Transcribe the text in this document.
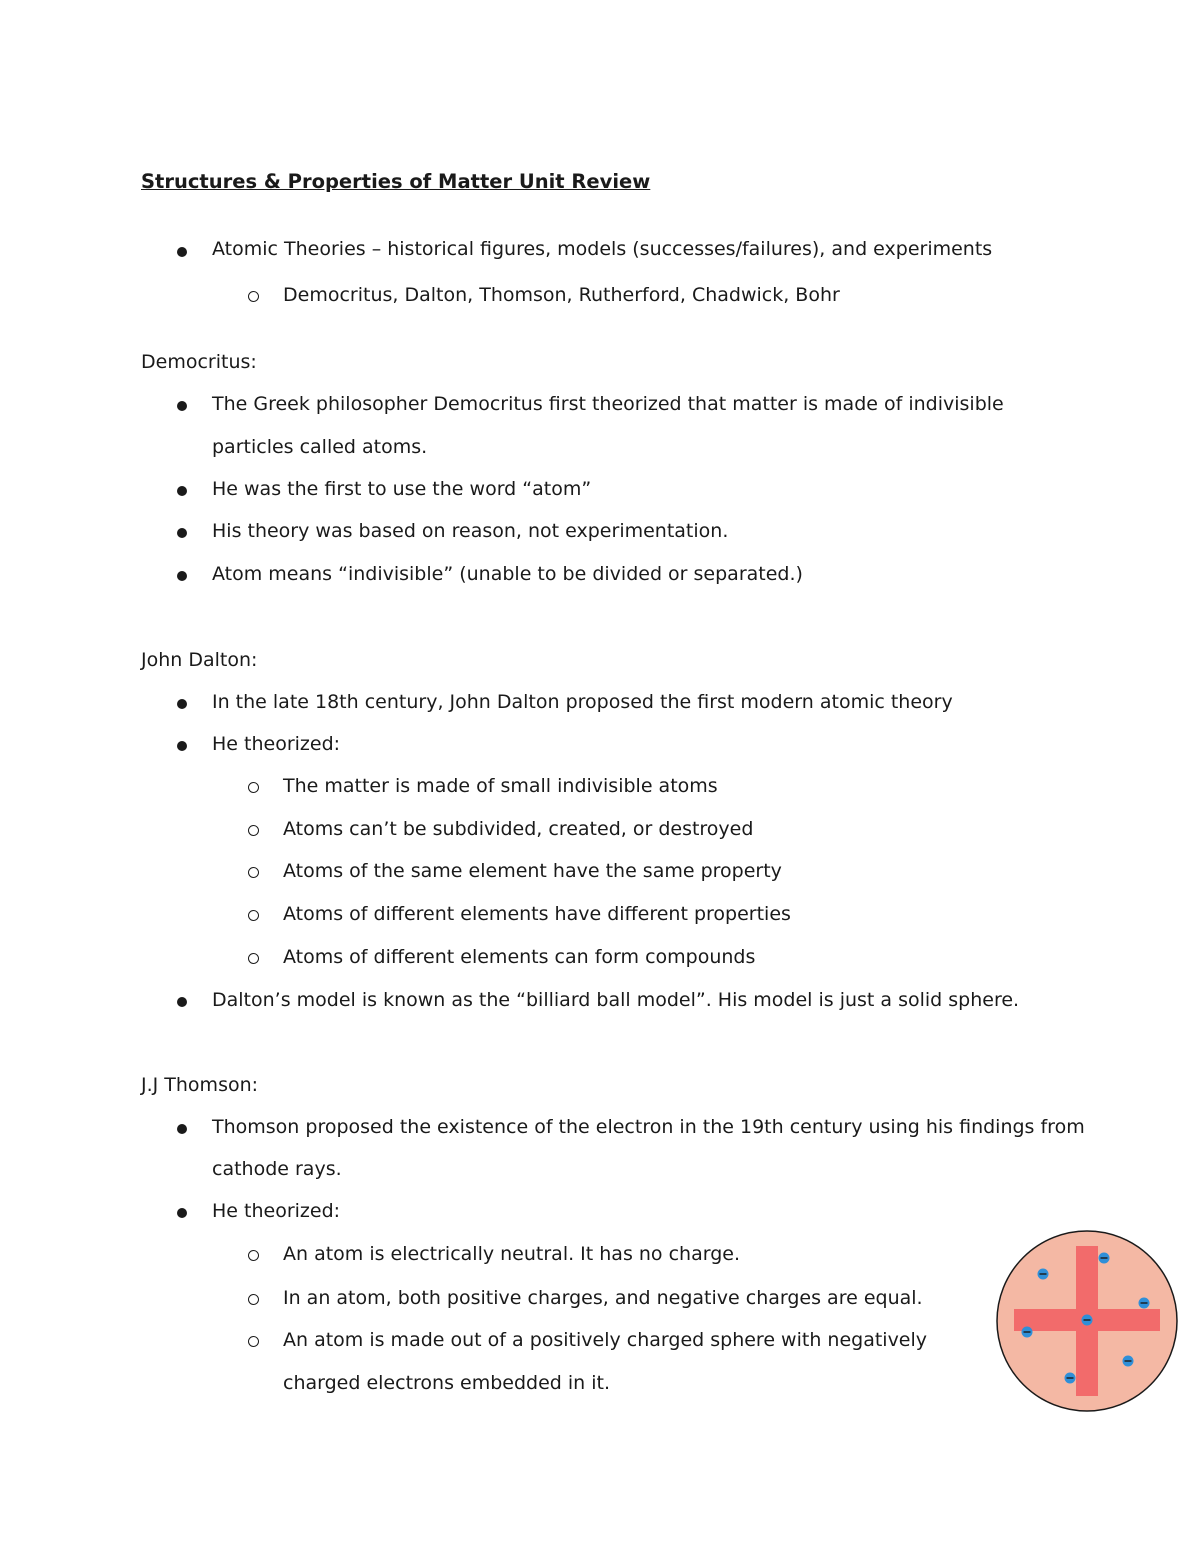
Structures & Properties of Matter Unit Review
Atomic Theories – historical figures, models (successes/failures), and experiments
Democritus, Dalton, Thomson, Rutherford, Chadwick, Bohr
Democritus:
The Greek philosopher Democritus first theorized that matter is made of indivisible
particles called atoms.
He was the first to use the word “atom”
His theory was based on reason, not experimentation.
Atom means “indivisible” (unable to be divided or separated.)
John Dalton:
In the late 18th century, John Dalton proposed the first modern atomic theory
He theorized:
The matter is made of small indivisible atoms
Atoms can’t be subdivided, created, or destroyed
Atoms of the same element have the same property
Atoms of different elements have different properties
Atoms of different elements can form compounds
Dalton’s model is known as the “billiard ball model”. His model is just a solid sphere.
J.J Thomson:
Thomson proposed the existence of the electron in the 19th century using his findings from
cathode rays.
He theorized:
An atom is electrically neutral. It has no charge.
In an atom, both positive charges, and negative charges are equal.
An atom is made out of a positively charged sphere with negatively
charged electrons embedded in it.
